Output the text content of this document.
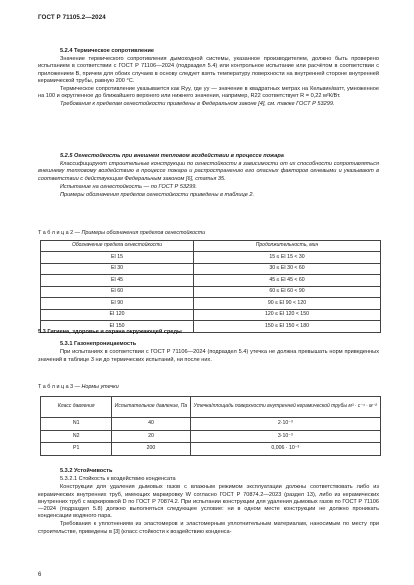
ГОСТ Р 71105.2—2024
5.2.4 Термическое сопротивление
Значение термического сопротивления дымоходной системы, указанное производителем, должно быть проверено испытанием в соответствии с ГОСТ Р 71106—2024 (подраздел 5.4) или контрольное испытание или расчётом в соответствии с приложением В, причем для обоих случаев в основу следует взять температуру поверхности на внутренней стороне внутренней керамической трубы, равную 200 °С.
Термическое сопротивление указывается как Rуу, где уу — значение в квадратных метрах на Кельвин/ватт, умноженное на 100 и округленное до ближайшего верхнего или нижнего значения, например, R22 соответствует R = 0,22 м²К/Вт.
Требования к пределам огнестойкости приведены в Федеральном законе [4], см. также ГОСТ Р 53299.
5.2.5 Огнестойкость при внешнем тепловом воздействии в процессе пожара
Классифицируют строительные конструкции по огнестойкости в зависимости от их способности сопротивляться внешнему тепловому воздействию в процессе пожара и распространению его опасных факторов огневыми и указывают в соответствии с действующим Федеральным законом [6], статья 35.
Испытание на огнестойкость — по ГОСТ Р 53299.
Примеры обозначения пределов огнестойкости приведены в таблице 2.
Т а б л и ц а 2 — Примеры обозначения пределов огнестойкости
Обозначение предела огнестойкости	Продолжительность, мин
EI 15	15 ≤ EI 15 < 30
EI 30	30 ≤ EI 30 < 60
EI 45	45 ≤ EI 45 < 60
EI 60	60 ≤ EI 60 < 90
EI 90	90 ≤ EI 90 < 120
EI 120	120 ≤ EI 120 < 150
EI 150	150 ≤ EI 150 < 180
5.3 Гигиена, здоровье и охрана окружающей среды
5.3.1 Газонепроницаемость
При испытаниях в соответствии с ГОСТ Р 71106—2024 (подраздел 5.4) утечка не должна превышать норм приведенных значений в таблице 3 ни до термических испытаний, ни после них.
Т а б л и ц а 3 — Нормы утечки
Класс давления	Испытательное давление, Па	Утечка/площадь поверхности внутренней керамической трубы м³ · с⁻¹ · м⁻²
N1	40	2·10⁻³
N2	20	3·10⁻³
P1	200	0,006 · 10⁻³
5.3.2 Устойчивость
5.3.2.1 Стойкость к воздействию конденсата
Конструкции для удаления дымовых газов с влажным режимом эксплуатации должны соответствовать либо из керамических внутренних труб, имеющих маркировку W согласно ГОСТ Р 70874.2—2023 (раздел 13), либо из керамических внутренних труб с маркировкой D по ГОСТ Р 70874.2. При испытании конструкции для удаления дымовых газов по ГОСТ Р 71106—2024 (подраздел 5.8) должно выполняться следующее условие: ни в одном месте конструкции не должно проникать конденсации водяного пара.
Требования к уплотнениям из эластомеров и эластомерным уплотнительным материалам, наносимым по месту при строительстве, приведены в [3] (класс стойкости к воздействию конденса-
6
